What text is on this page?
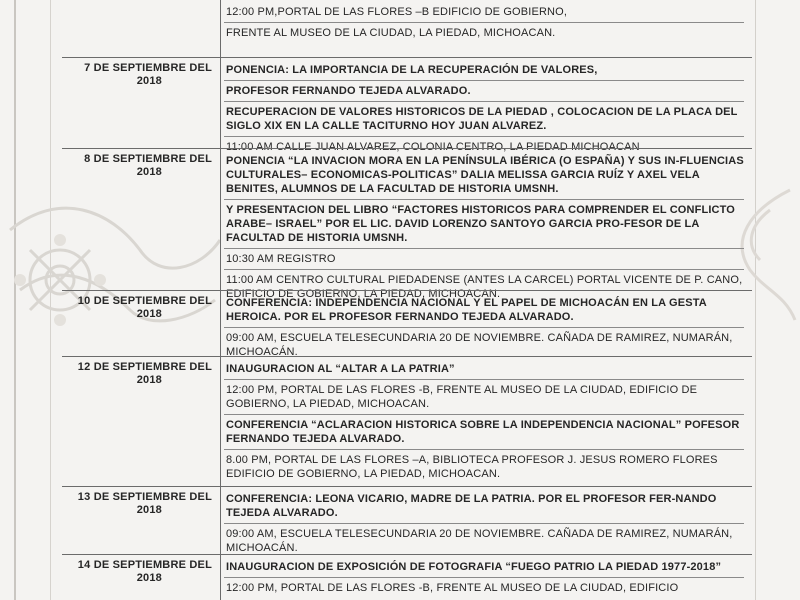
12:00 PM,PORTAL DE LAS FLORES –B EDIFICIO DE GOBIERNO,
FRENTE AL MUSEO DE LA CIUDAD, LA PIEDAD, MICHOACAN.
7 DE SEPTIEMBRE DEL
2018
PONENCIA: LA IMPORTANCIA DE LA RECUPERACIÓN DE VALORES,
PROFESOR FERNANDO TEJEDA ALVARADO.
RECUPERACION DE VALORES HISTORICOS DE LA PIEDAD , COLOCACION DE LA PLACA DEL SIGLO XIX EN LA CALLE TACITURNO HOY JUAN ALVAREZ.
11:00 AM CALLE JUAN ALVAREZ, COLONIA CENTRO, LA PIEDAD MICHOACAN
8 DE SEPTIEMBRE DEL
2018
PONENCIA “LA INVACION MORA EN LA PENÍNSULA IBÉRICA (O ESPAÑA) Y SUS IN-FLUENCIAS CULTURALES– ECONOMICAS-POLITICAS” DALIA MELISSA GARCIA RUÍZ Y AXEL VELA BENITES, ALUMNOS DE LA FACULTAD DE HISTORIA UMSNH.
Y PRESENTACION DEL LIBRO “FACTORES HISTORICOS PARA COMPRENDER EL CONFLICTO ARABE– ISRAEL” POR EL LIC. DAVID LORENZO SANTOYO GARCIA PRO-FESOR DE LA FACULTAD DE HISTORIA UMSNH.
10:30 AM REGISTRO
11:00 AM CENTRO CULTURAL PIEDADENSE (ANTES LA CARCEL) PORTAL VICENTE DE P. CANO, EDIFICIO DE GOBIERNO, LA PIEDAD, MICHOACAN.
10 DE SEPTIEMBRE DEL
2018
CONFERENCIA: INDEPENDENCIA NACIONAL Y EL PAPEL DE MICHOACÁN EN LA GESTA HEROICA. POR EL PROFESOR FERNANDO TEJEDA ALVARADO.
09:00 AM, ESCUELA TELESECUNDARIA 20 DE NOVIEMBRE. CAÑADA DE RAMIREZ, NUMARÁN, MICHOACÁN.
12 DE SEPTIEMBRE DEL
2018
INAUGURACION AL “ALTAR A LA PATRIA”
12:00 PM, PORTAL DE LAS FLORES -B, FRENTE AL MUSEO DE LA CIUDAD, EDIFICIO DE GOBIERNO, LA PIEDAD, MICHOACAN.
CONFERENCIA “ACLARACION HISTORICA SOBRE LA INDEPENDENCIA NACIONAL” POFESOR FERNANDO TEJEDA ALVARADO.
8.00 PM, PORTAL DE LAS FLORES –A, BIBLIOTECA PROFESOR J. JESUS ROMERO FLORES EDIFICIO DE GOBIERNO, LA PIEDAD, MICHOACAN.
13 DE SEPTIEMBRE DEL
2018
CONFERENCIA: LEONA VICARIO, MADRE DE LA PATRIA. POR EL PROFESOR FER-NANDO TEJEDA ALVARADO.
09:00 AM, ESCUELA TELESECUNDARIA 20 DE NOVIEMBRE. CAÑADA DE RAMIREZ, NUMARÁN, MICHOACÁN.
14 DE SEPTIEMBRE DEL
2018
INAUGURACION DE EXPOSICIÓN DE FOTOGRAFIA “FUEGO PATRIO LA PIEDAD 1977-2018”
12:00 PM, PORTAL DE LAS FLORES -B, FRENTE AL MUSEO DE LA CIUDAD, EDIFICIO
